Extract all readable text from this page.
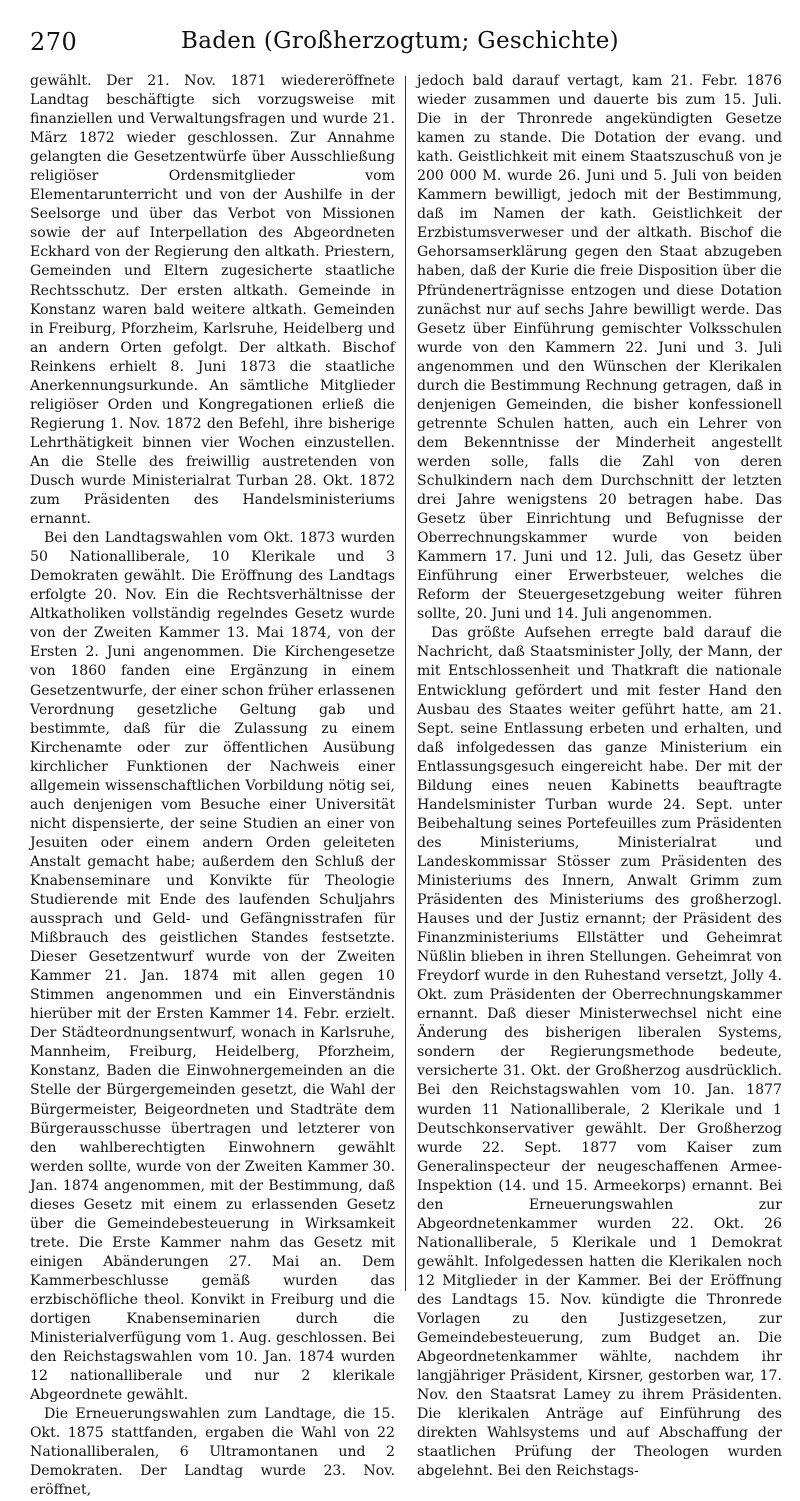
270	Baden (Großherzogtum; Geschichte)

gewählt. Der 21. Nov. 1871 wiedereröffnete Landtag beschäftigte sich vorzugsweise mit finanziellen und Verwaltungsfragen und wurde 21. März 1872 wieder geschlossen. Zur Annahme gelangten die Gesetzentwürfe über Ausschließung religiöser Ordensmitglieder vom Elementarunterricht und von der Aushilfe in der Seelsorge und über das Verbot von Missionen sowie der auf Interpellation des Abgeordneten Eckhard von der Regierung den altkath. Priestern, Gemeinden und Eltern zugesicherte staatliche Rechtsschutz. Der ersten altkath. Gemeinde in Konstanz waren bald weitere altkath. Gemeinden in Freiburg, Pforzheim, Karlsruhe, Heidelberg und an andern Orten gefolgt. Der altkath. Bischof Reinkens erhielt 8. Juni 1873 die staatliche Anerkennungsurkunde. An sämtliche Mitglieder religiöser Orden und Kongregationen erließ die Regierung 1. Nov. 1872 den Befehl, ihre bisherige Lehrthätigkeit binnen vier Wochen einzustellen. An die Stelle des freiwillig austretenden von Dusch wurde Ministerialrat Turban 28. Okt. 1872 zum Präsidenten des Handelsministeriums ernannt.

Bei den Landtagswahlen vom Okt. 1873 wurden 50 Nationalliberale, 10 Klerikale und 3 Demokraten gewählt. Die Eröffnung des Landtags erfolgte 20. Nov. Ein die Rechtsverhältnisse der Altkatholiken vollständig regelndes Gesetz wurde von der Zweiten Kammer 13. Mai 1874, von der Ersten 2. Juni angenommen. Die Kirchengesetze von 1860 fanden eine Ergänzung in einem Gesetzentwurfe, der einer schon früher erlassenen Verordnung gesetzliche Geltung gab und bestimmte, daß für die Zulassung zu einem Kirchenamte oder zur öffentlichen Ausübung kirchlicher Funktionen der Nachweis einer allgemein wissenschaftlichen Vorbildung nötig sei, auch denjenigen vom Besuche einer Universität nicht dispensierte, der seine Studien an einer von Jesuiten oder einem andern Orden geleiteten Anstalt gemacht habe; außerdem den Schluß der Knabenseminare und Konvikte für Theologie Studierende mit Ende des laufenden Schuljahrs aussprach und Geld- und Gefängnisstrafen für Mißbrauch des geistlichen Standes festsetzte. Dieser Gesetzentwurf wurde von der Zweiten Kammer 21. Jan. 1874 mit allen gegen 10 Stimmen angenommen und ein Einverständnis hierüber mit der Ersten Kammer 14. Febr. erzielt. Der Städteordnungsentwurf, wonach in Karlsruhe, Mannheim, Freiburg, Heidelberg, Pforzheim, Konstanz, Baden die Einwohnergemeinden an die Stelle der Bürgergemeinden gesetzt, die Wahl der Bürgermeister, Beigeordneten und Stadträte dem Bürgerausschusse übertragen und letzterer von den wahlberechtigten Einwohnern gewählt werden sollte, wurde von der Zweiten Kammer 30. Jan. 1874 angenommen, mit der Bestimmung, daß dieses Gesetz mit einem zu erlassenden Gesetz über die Gemeindebesteuerung in Wirksamkeit trete. Die Erste Kammer nahm das Gesetz mit einigen Abänderungen 27. Mai an. Dem Kammerbeschlusse gemäß wurden das erzbischöfliche theol. Konvikt in Freiburg und die dortigen Knabenseminarien durch die Ministerialverfügung vom 1. Aug. geschlossen. Bei den Reichstagswahlen vom 10. Jan. 1874 wurden 12 nationalliberale und nur 2 klerikale Abgeordnete gewählt.

Die Erneuerungswahlen zum Landtage, die 15. Okt. 1875 stattfanden, ergaben die Wahl von 22 Nationalliberalen, 6 Ultramontanen und 2 Demokraten. Der Landtag wurde 23. Nov. eröffnet,

jedoch bald darauf vertagt, kam 21. Febr. 1876 wieder zusammen und dauerte bis zum 15. Juli. Die in der Thronrede angekündigten Gesetze kamen zu stande. Die Dotation der evang. und kath. Geistlichkeit mit einem Staatszuschuß von je 200 000 M. wurde 26. Juni und 5. Juli von beiden Kammern bewilligt, jedoch mit der Bestimmung, daß im Namen der kath. Geistlichkeit der Erzbistumsverweser und der altkath. Bischof die Gehorsamserklärung gegen den Staat abzugeben haben, daß der Kurie die freie Disposition über die Pfründenerträgnisse entzogen und diese Dotation zunächst nur auf sechs Jahre bewilligt werde. Das Gesetz über Einführung gemischter Volksschulen wurde von den Kammern 22. Juni und 3. Juli angenommen und den Wünschen der Klerikalen durch die Bestimmung Rechnung getragen, daß in denjenigen Gemeinden, die bisher konfessionell getrennte Schulen hatten, auch ein Lehrer von dem Bekenntnisse der Minderheit angestellt werden solle, falls die Zahl von deren Schulkindern nach dem Durchschnitt der letzten drei Jahre wenigstens 20 betragen habe. Das Gesetz über Einrichtung und Befugnisse der Oberrechnungskammer wurde von beiden Kammern 17. Juni und 12. Juli, das Gesetz über Einführung einer Erwerbsteuer, welches die Reform der Steuergesetzgebung weiter führen sollte, 20. Juni und 14. Juli angenommen.

Das größte Aufsehen erregte bald darauf die Nachricht, daß Staatsminister Jolly, der Mann, der mit Entschlossenheit und Thatkraft die nationale Entwicklung gefördert und mit fester Hand den Ausbau des Staates weiter geführt hatte, am 21. Sept. seine Entlassung erbeten und erhalten, und daß infolgedessen das ganze Ministerium ein Entlassungsgesuch eingereicht habe. Der mit der Bildung eines neuen Kabinetts beauftragte Handelsminister Turban wurde 24. Sept. unter Beibehaltung seines Portefeuilles zum Präsidenten des Ministeriums, Ministerialrat und Landeskommissar Stösser zum Präsidenten des Ministeriums des Innern, Anwalt Grimm zum Präsidenten des Ministeriums des großherzogl. Hauses und der Justiz ernannt; der Präsident des Finanzministeriums Ellstätter und Geheimrat Nüßlin blieben in ihren Stellungen. Geheimrat von Freydorf wurde in den Ruhestand versetzt, Jolly 4. Okt. zum Präsidenten der Oberrechnungskammer ernannt. Daß dieser Ministerwechsel nicht eine Änderung des bisherigen liberalen Systems, sondern der Regierungsmethode bedeute, versicherte 31. Okt. der Großherzog ausdrücklich. Bei den Reichstagswahlen vom 10. Jan. 1877 wurden 11 Nationalliberale, 2 Klerikale und 1 Deutschkonservativer gewählt. Der Großherzog wurde 22. Sept. 1877 vom Kaiser zum Generalinspecteur der neugeschaffenen Armee-Inspektion (14. und 15. Armeekorps) ernannt. Bei den Erneuerungswahlen zur Abgeordnetenkammer wurden 22. Okt. 26 Nationalliberale, 5 Klerikale und 1 Demokrat gewählt. Infolgedessen hatten die Klerikalen noch 12 Mitglieder in der Kammer. Bei der Eröffnung des Landtags 15. Nov. kündigte die Thronrede Vorlagen zu den Justizgesetzen, zur Gemeindebesteuerung, zum Budget an. Die Abgeordnetenkammer wählte, nachdem ihr langjähriger Präsident, Kirsner, gestorben war, 17. Nov. den Staatsrat Lamey zu ihrem Präsidenten. Die klerikalen Anträge auf Einführung des direkten Wahlsystems und auf Abschaffung der staatlichen Prüfung der Theologen wurden abgelehnt. Bei den Reichstags-
